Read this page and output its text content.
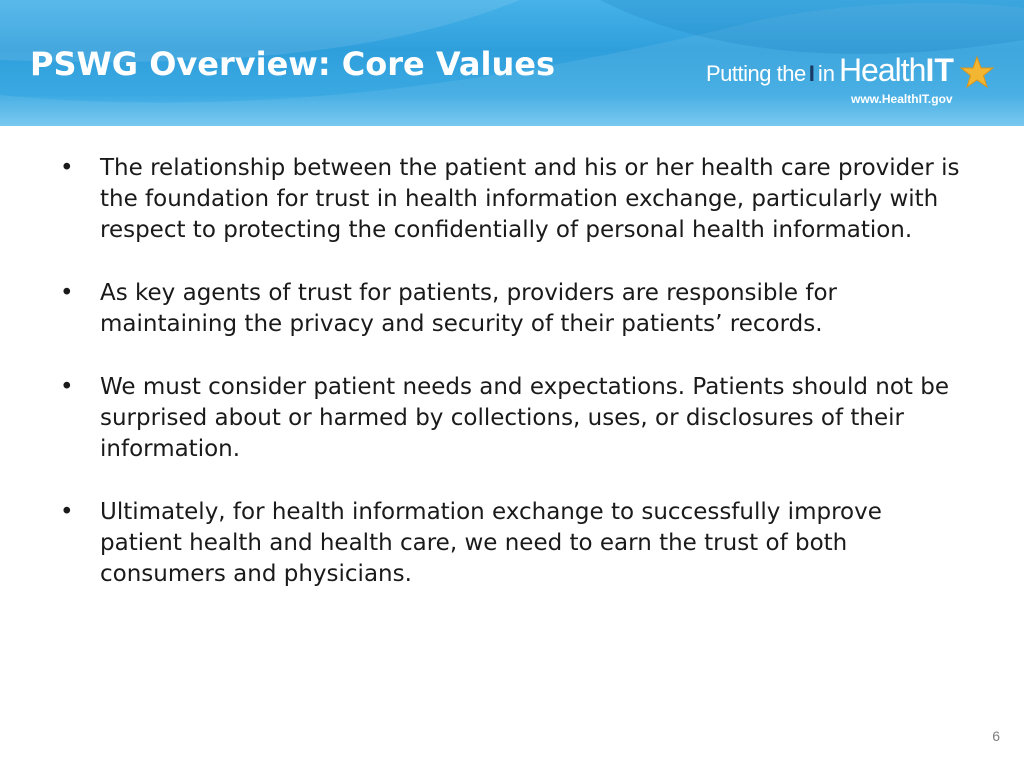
PSWG Overview: Core Values	Putting the I in HealthIT
www.HealthIT.gov
• The relationship between the patient and his or her health care provider is the foundation for trust in health information exchange, particularly with respect to protecting the confidentially of personal health information.
• As key agents of trust for patients, providers are responsible for maintaining the privacy and security of their patients’ records.
• We must consider patient needs and expectations. Patients should not be surprised about or harmed by collections, uses, or disclosures of their information.
• Ultimately, for health information exchange to successfully improve patient health and health care, we need to earn the trust of both consumers and physicians.
6
